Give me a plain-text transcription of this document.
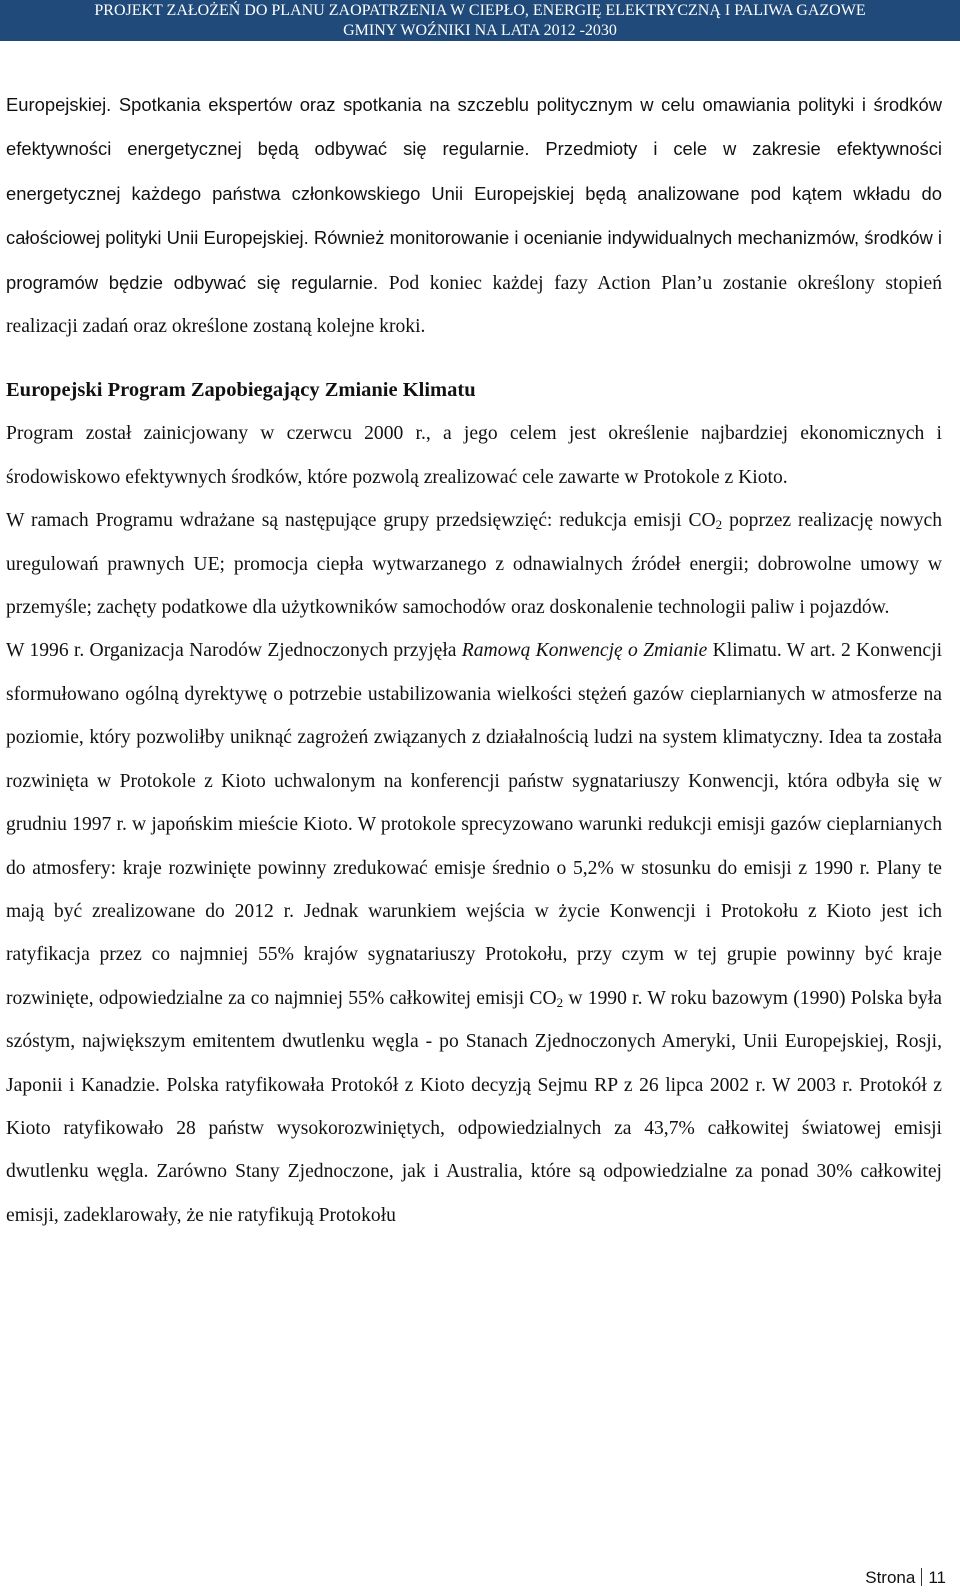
PROJEKT ZAŁOŻEŃ DO PLANU ZAOPATRZENIA W CIEPŁO, ENERGIĘ ELEKTRYCZNĄ I PALIWA GAZOWE
GMINY WOŹNIKI NA LATA 2012 -2030

Europejskiej. Spotkania ekspertów oraz spotkania na szczeblu politycznym w celu omawiania polityki i środków efektywności energetycznej będą odbywać się regularnie. Przedmioty i cele w zakresie efektywności energetycznej każdego państwa członkowskiego Unii Europejskiej będą analizowane pod kątem wkładu do całościowej polityki Unii Europejskiej. Również monitorowanie i ocenianie indywidualnych mechanizmów, środków i programów będzie odbywać się regularnie. Pod koniec każdej fazy Action Plan’u zostanie określony stopień realizacji zadań oraz określone zostaną kolejne kroki.

Europejski Program Zapobiegający Zmianie Klimatu

Program został zainicjowany w czerwcu 2000 r., a jego celem jest określenie najbardziej ekonomicznych i środowiskowo efektywnych środków, które pozwolą zrealizować cele zawarte w Protokole z Kioto.

W ramach Programu wdrażane są następujące grupy przedsięwzięć: redukcja emisji $CO_2$ poprzez realizację nowych uregulowań prawnych UE; promocja ciepła wytwarzanego z odnawialnych źródeł energii; dobrowolne umowy w przemyśle; zachęty podatkowe dla użytkowników samochodów oraz doskonalenie technologii paliw i pojazdów.

W 1996 r. Organizacja Narodów Zjednoczonych przyjęła Ramową Konwencję o Zmianie Klimatu. W art. 2 Konwencji sformułowano ogólną dyrektywę o potrzebie ustabilizowania wielkości stężeń gazów cieplarnianych w atmosferze na poziomie, który pozwoliłby uniknąć zagrożeń związanych z działalnością ludzi na system klimatyczny. Idea ta została rozwinięta w Protokole z Kioto uchwalonym na konferencji państw sygnatariuszy Konwencji, która odbyła się w grudniu 1997 r. w japońskim mieście Kioto. W protokole sprecyzowano warunki redukcji emisji gazów cieplarnianych do atmosfery: kraje rozwinięte powinny zredukować emisje średnio o 5,2% w stosunku do emisji z 1990 r. Plany te mają być zrealizowane do 2012 r. Jednak warunkiem wejścia w życie Konwencji i Protokołu z Kioto jest ich ratyfikacja przez co najmniej 55% krajów sygnatariuszy Protokołu, przy czym w tej grupie powinny być kraje rozwinięte, odpowiedzialne za co najmniej 55% całkowitej emisji $CO_2$ w 1990 r. W roku bazowym (1990) Polska była szóstym, największym emitentem dwutlenku węgla - po Stanach Zjednoczonych Ameryki, Unii Europejskiej, Rosji, Japonii i Kanadzie. Polska ratyfikowała Protokół z Kioto decyzją Sejmu RP z 26 lipca 2002 r. W 2003 r. Protokół z Kioto ratyfikowało 28 państw wysokorozwiniętych, odpowiedzialnych za 43,7% całkowitej światowej emisji dwutlenku węgla. Zarówno Stany Zjednoczone, jak i Australia, które są odpowiedzialne za ponad 30% całkowitej emisji, zadeklarowały, że nie ratyfikują Protokołu

Strona 11
